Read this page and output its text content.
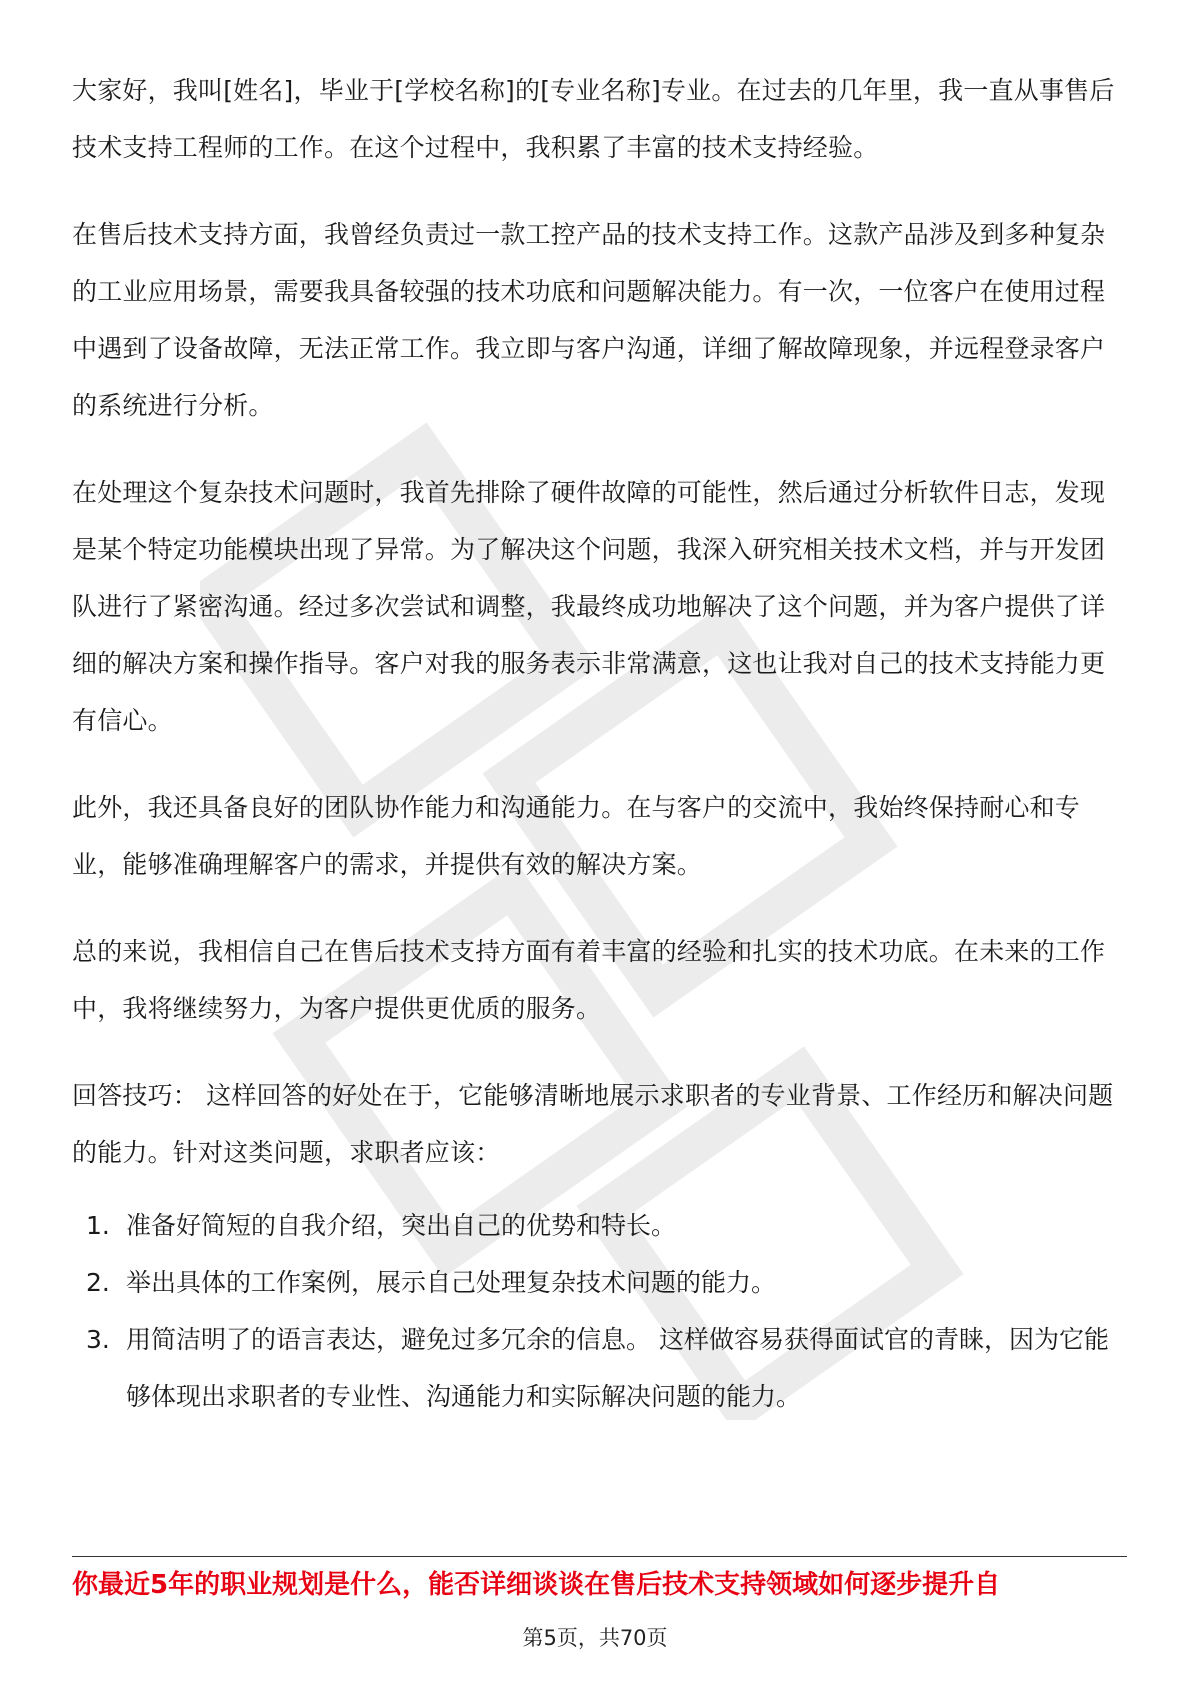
大家好，我叫[姓名]，毕业于[学校名称]的[专业名称]专业。在过去的几年里，我一直从事售后技术支持工程师的工作。在这个过程中，我积累了丰富的技术支持经验。

在售后技术支持方面，我曾经负责过一款工控产品的技术支持工作。这款产品涉及到多种复杂的工业应用场景，需要我具备较强的技术功底和问题解决能力。有一次，一位客户在使用过程中遇到了设备故障，无法正常工作。我立即与客户沟通，详细了解故障现象，并远程登录客户的系统进行分析。

在处理这个复杂技术问题时，我首先排除了硬件故障的可能性，然后通过分析软件日志，发现是某个特定功能模块出现了异常。为了解决这个问题，我深入研究相关技术文档，并与开发团队进行了紧密沟通。经过多次尝试和调整，我最终成功地解决了这个问题，并为客户提供了详细的解决方案和操作指导。客户对我的服务表示非常满意，这也让我对自己的技术支持能力更有信心。

此外，我还具备良好的团队协作能力和沟通能力。在与客户的交流中，我始终保持耐心和专业，能够准确理解客户的需求，并提供有效的解决方案。

总的来说，我相信自己在售后技术支持方面有着丰富的经验和扎实的技术功底。在未来的工作中，我将继续努力，为客户提供更优质的服务。

回答技巧： 这样回答的好处在于，它能够清晰地展示求职者的专业背景、工作经历和解决问题的能力。针对这类问题，求职者应该：

1. 准备好简短的自我介绍，突出自己的优势和特长。
2. 举出具体的工作案例，展示自己处理复杂技术问题的能力。
3. 用简洁明了的语言表达，避免过多冗余的信息。 这样做容易获得面试官的青睐，因为它能够体现出求职者的专业性、沟通能力和实际解决问题的能力。
你最近5年的职业规划是什么，能否详细谈谈在售后技术支持领域如何逐步提升自
第5页，共70页
